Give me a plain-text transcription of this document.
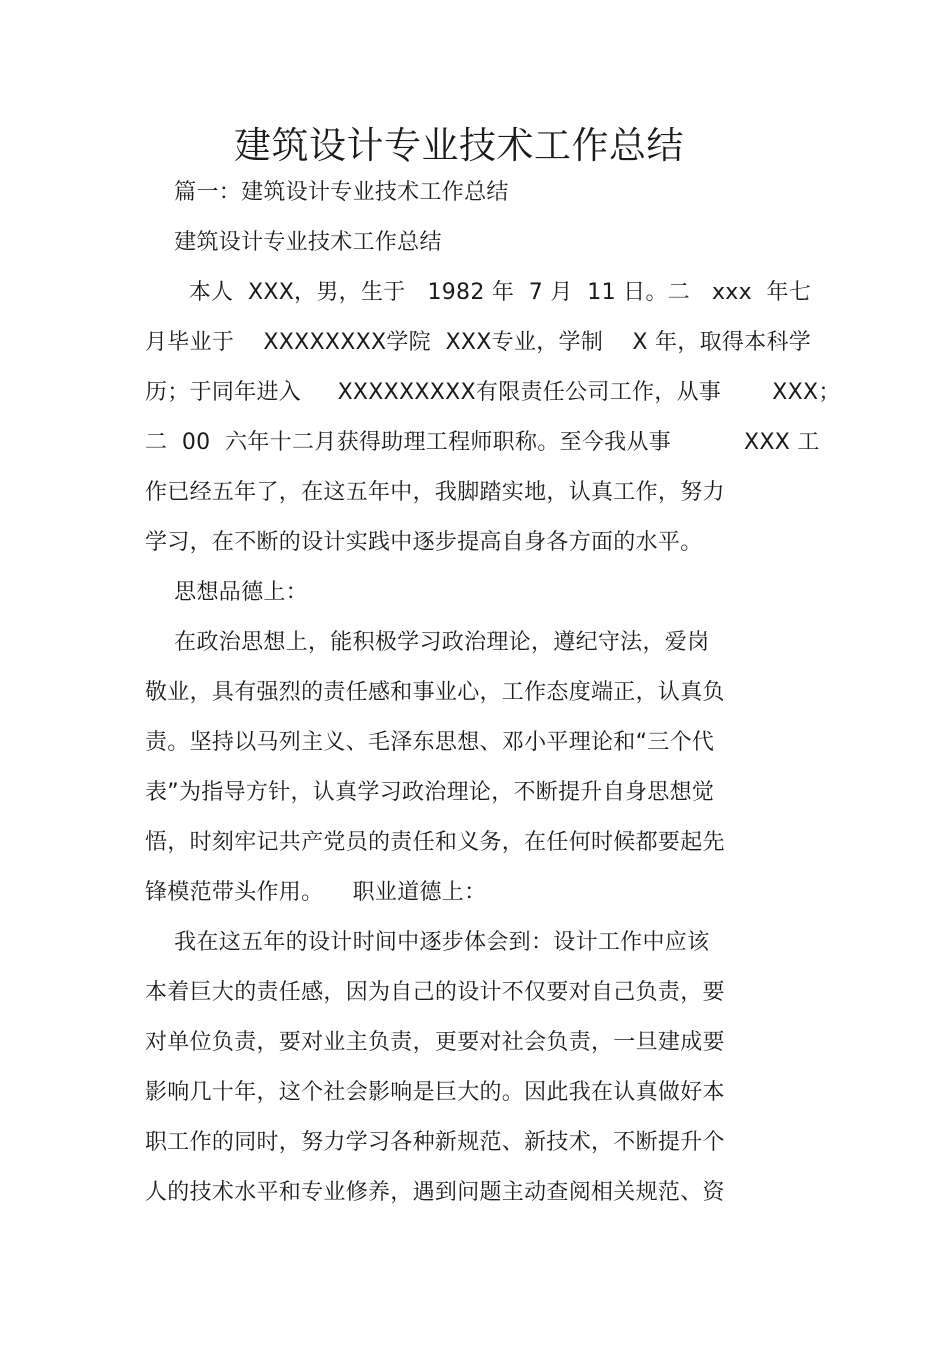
建筑设计专业技术工作总结
篇一：建筑设计专业技术工作总结
建筑设计专业技术工作总结
本人  XXX，男，生于   1982 年  7 月  11 日。二   xxx  年七
月毕业于    XXXXXXXX学院  XXX专业，学制    X 年，取得本科学
历；于同年进入     XXXXXXXXX有限责任公司工作，从事       XXX；
二  00  六年十二月获得助理工程师职称。至今我从事          XXX 工
作已经五年了，在这五年中，我脚踏实地，认真工作，努力
学习，在不断的设计实践中逐步提高自身各方面的水平。
思想品德上：
在政治思想上，能积极学习政治理论，遵纪守法，爱岗
敬业，具有强烈的责任感和事业心，工作态度端正，认真负
责。坚持以马列主义、毛泽东思想、邓小平理论和“三个代
表”为指导方针，认真学习政治理论，不断提升自身思想觉
悟，时刻牢记共产党员的责任和义务，在任何时候都要起先
锋模范带头作用。    职业道德上：
我在这五年的设计时间中逐步体会到：设计工作中应该
本着巨大的责任感，因为自己的设计不仅要对自己负责，要
对单位负责，要对业主负责，更要对社会负责，一旦建成要
影响几十年，这个社会影响是巨大的。因此我在认真做好本
职工作的同时，努力学习各种新规范、新技术，不断提升个
人的技术水平和专业修养，遇到问题主动查阅相关规范、资
